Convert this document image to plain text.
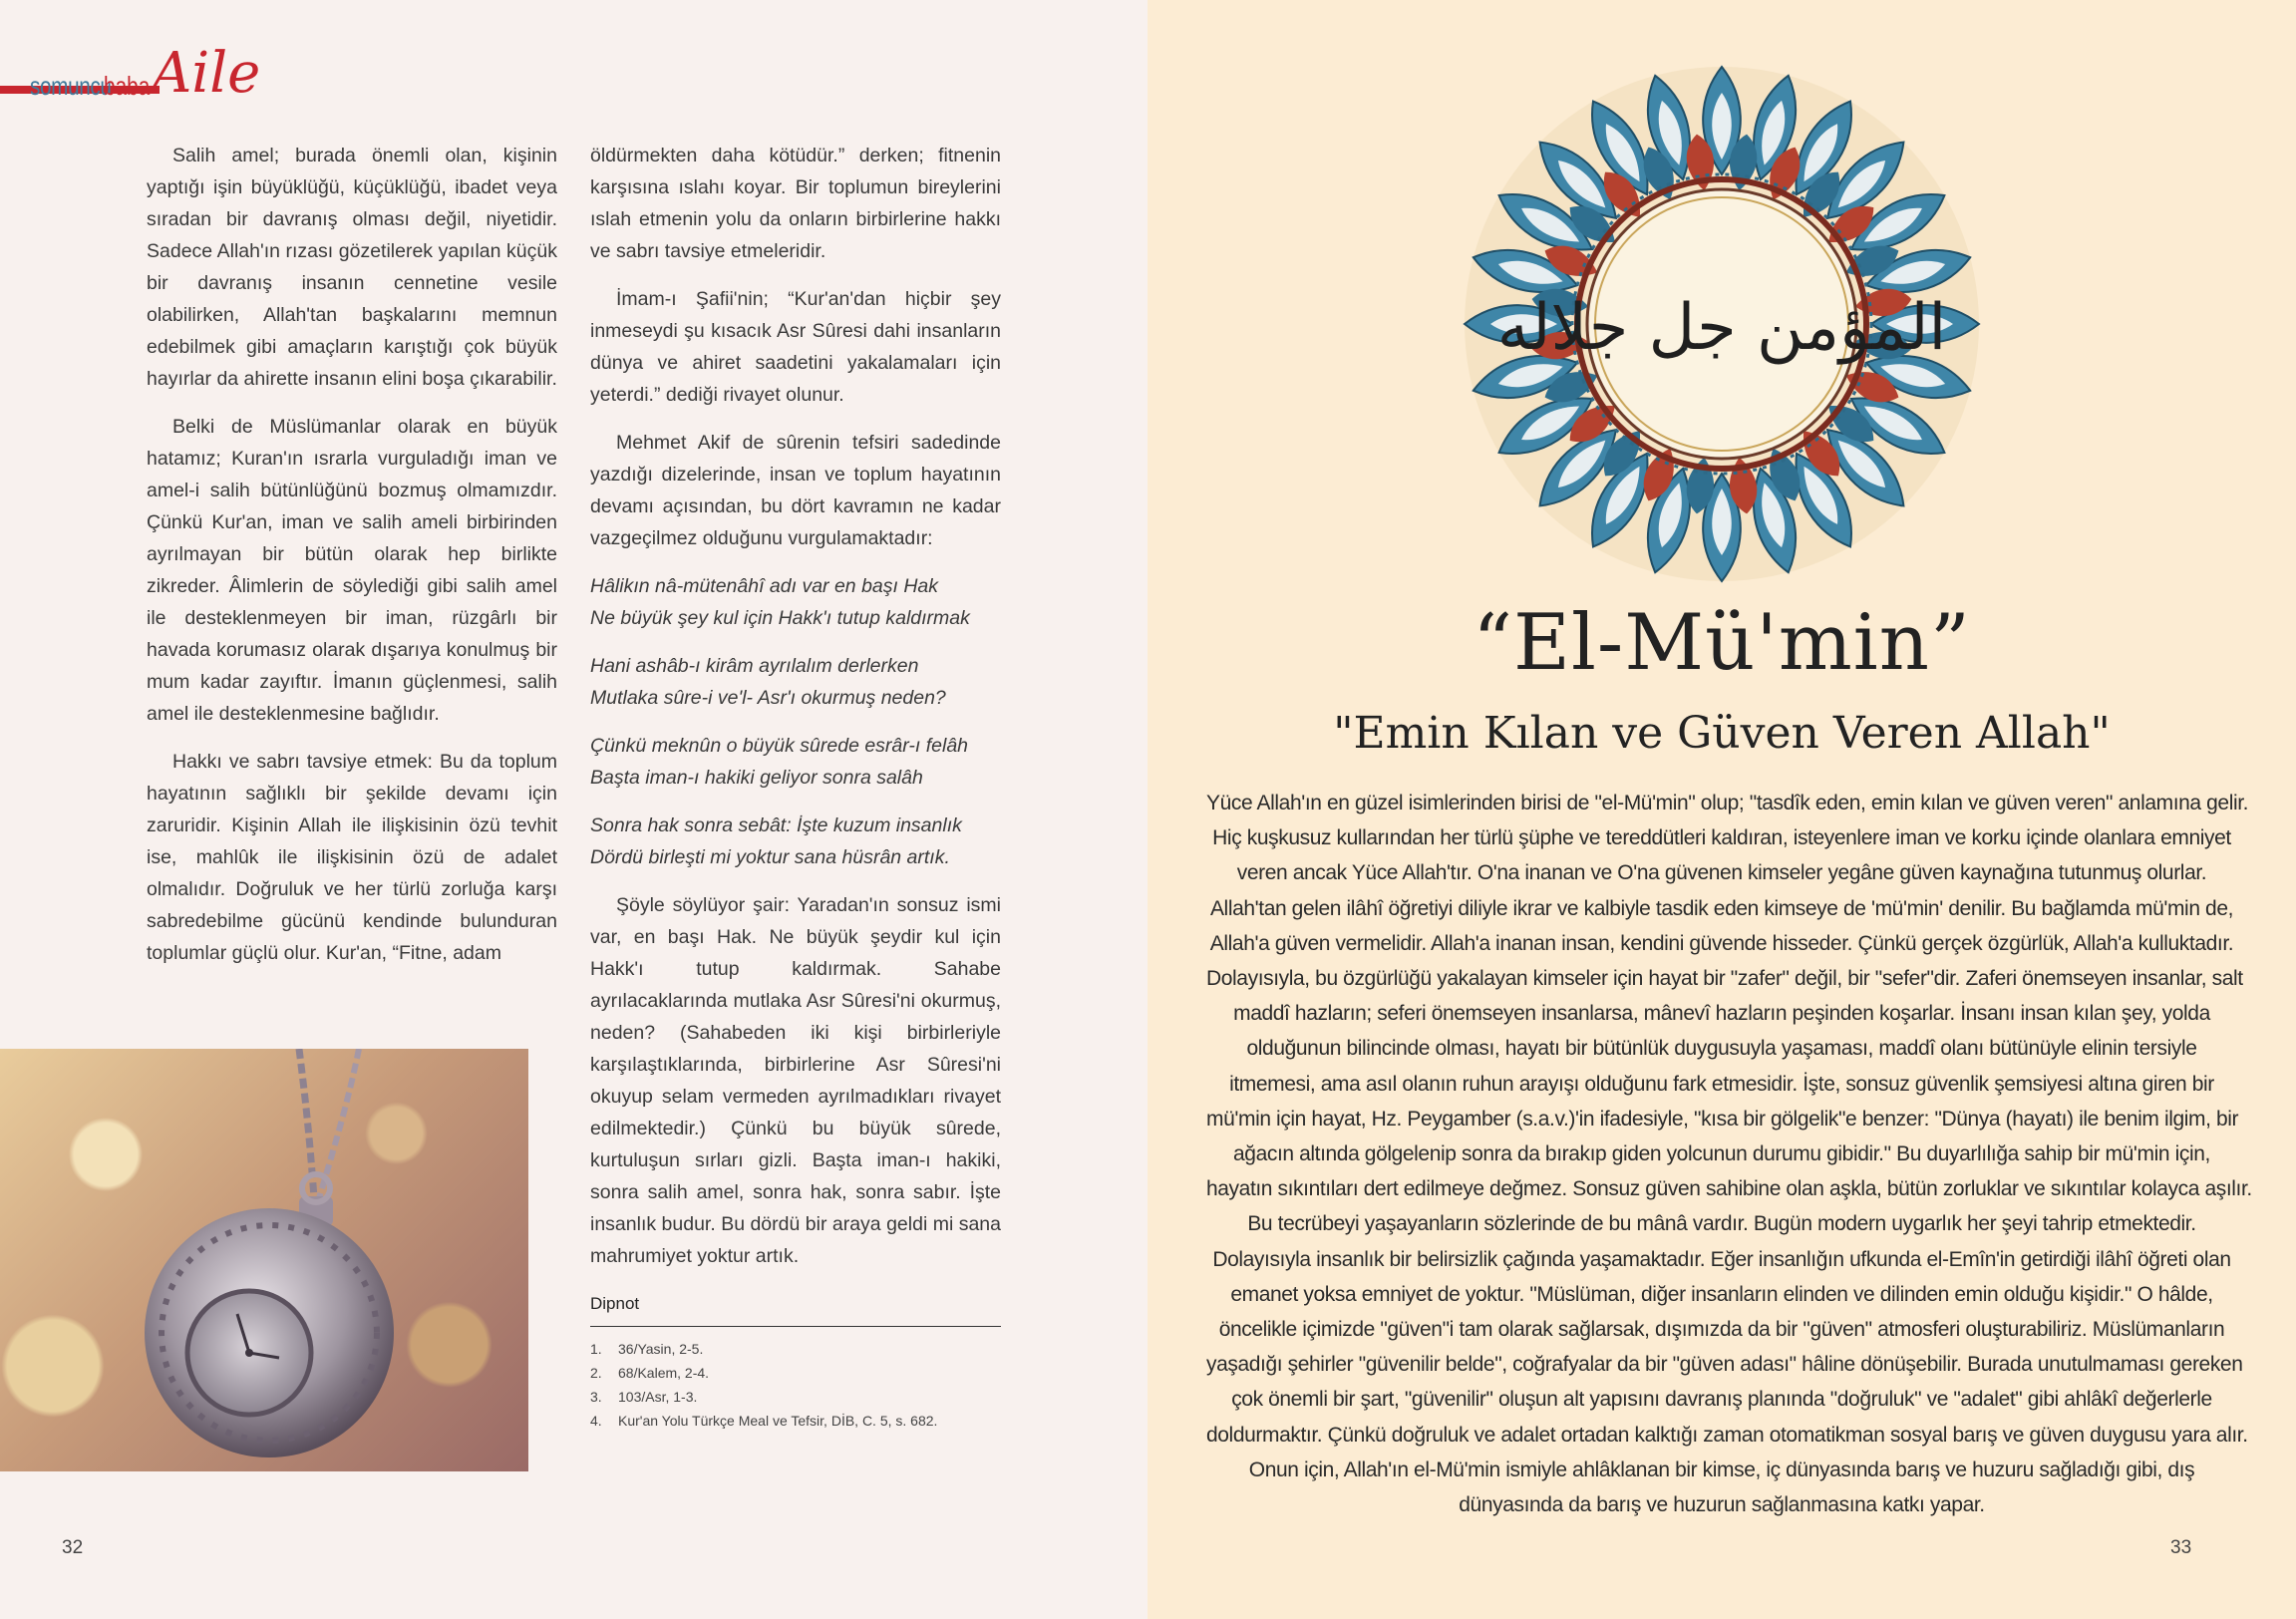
somuncu
baba Aile

Salih amel; burada önemli olan, kişinin yaptığı işin büyüklüğü, küçüklüğü, ibadet veya sıradan bir davranış olması değil, niyetidir. Sadece Allah'ın rızası gözetilerek yapılan küçük bir davranış insanın cennetine vesile olabilirken, Allah'tan başkalarını memnun edebilmek gibi amaçların karıştığı çok büyük hayırlar da ahirette insanın elini boşa çıkarabilir.

Belki de Müslümanlar olarak en büyük hatamız; Kuran'ın ısrarla vurguladığı iman ve amel-i salih bütünlüğünü bozmuş olmamızdır. Çünkü Kur'an, iman ve salih ameli birbirinden ayrılmayan bir bütün olarak hep birlikte zikreder. Âlimlerin de söylediği gibi salih amel ile desteklenmeyen bir iman, rüzgârlı bir havada korumasız olarak dışarıya konulmuş bir mum kadar zayıftır. İmanın güçlenmesi, salih amel ile desteklenmesine bağlıdır.

Hakkı ve sabrı tavsiye etmek: Bu da toplum hayatının sağlıklı bir şekilde devamı için zaruridir. Kişinin Allah ile ilişkisinin özü tevhit ise, mahlûk ile ilişkisinin özü de adalet olmalıdır. Doğruluk ve her türlü zorluğa karşı sabredebilme gücünü kendinde bulunduran toplumlar güçlü olur. Kur'an, “Fitne, adam

öldürmekten daha kötüdür.” derken; fitnenin karşısına ıslahı koyar. Bir toplumun bireylerini ıslah etmenin yolu da onların birbirlerine hakkı ve sabrı tavsiye etmeleridir.

İmam-ı Şafii'nin; “Kur'an'dan hiçbir şey inmeseydi şu kısacık Asr Sûresi dahi insanların dünya ve ahiret saadetini yakalamaları için yeterdi.” dediği rivayet olunur.

Mehmet Akif de sûrenin tefsiri sadedinde yazdığı dizelerinde, insan ve toplum hayatının devamı açısından, bu dört kavramın ne kadar vazgeçilmez olduğunu vurgulamaktadır:

Hâlikın nâ-mütenâhî adı var en başı Hak
Ne büyük şey kul için Hakk'ı tutup kaldırmak
Hani ashâb-ı kirâm ayrılalım derlerken
Mutlaka sûre-i ve'l- Asr'ı okurmuş neden?
Çünkü meknûn o büyük sûrede esrâr-ı felâh
Başta iman-ı hakiki geliyor sonra salâh
Sonra hak sonra sebât: İşte kuzum insanlık
Dördü birleşti mi yoktur sana hüsrân artık.

Şöyle söylüyor şair: Yaradan'ın sonsuz ismi var, en başı Hak. Ne büyük şeydir kul için Hakk'ı tutup kaldırmak. Sahabe ayrılacaklarında mutlaka Asr Sûresi'ni okurmuş, neden? (Sahabeden iki kişi birbirleriyle karşılaştıklarında, birbirlerine Asr Sûresi'ni okuyup selam vermeden ayrılmadıkları rivayet edilmektedir.) Çünkü bu büyük sûrede, kurtuluşun sırları gizli. Başta iman-ı hakiki, sonra salih amel, sonra hak, sonra sabır. İşte insanlık budur. Bu dördü bir araya geldi mi sana mahrumiyet yoktur artık.

Dipnot
1.	36/Yasin, 2-5.
2.	68/Kalem, 2-4.
3.	103/Asr, 1-3.
4.	Kur'an Yolu Türkçe Meal ve Tefsir, DİB, C. 5, s. 682.
32
المؤمن جل جلاله
“El-Mü'min”
"Emin Kılan ve Güven Veren Allah"
Yüce Allah'ın en güzel isimlerinden birisi de "el-Mü'min" olup; "tasdîk eden, emin kılan ve güven veren" anlamına gelir.
Hiç kuşkusuz kullarından her türlü şüphe ve tereddütleri kaldıran, isteyenlere iman ve korku içinde olanlara emniyet
veren ancak Yüce Allah'tır. O'na inanan ve O'na güvenen kimseler yegâne güven kaynağına tutunmuş olurlar.
Allah'tan gelen ilâhî öğretiyi diliyle ikrar ve kalbiyle tasdik eden kimseye de 'mü'min' denilir. Bu bağlamda mü'min de,
Allah'a güven vermelidir. Allah'a inanan insan, kendini güvende hisseder. Çünkü gerçek özgürlük, Allah'a kulluktadır.
Dolayısıyla, bu özgürlüğü yakalayan kimseler için hayat bir "zafer" değil, bir "sefer"dir. Zaferi önemseyen insanlar, salt
maddî hazların; seferi önemseyen insanlarsa, mânevî hazların peşinden koşarlar. İnsanı insan kılan şey, yolda
olduğunun bilincinde olması, hayatı bir bütünlük duygusuyla yaşaması, maddî olanı bütünüyle elinin tersiyle
itmemesi, ama asıl olanın ruhun arayışı olduğunu fark etmesidir. İşte, sonsuz güvenlik şemsiyesi altına giren bir
mü'min için hayat, Hz. Peygamber (s.a.v.)'in ifadesiyle, "kısa bir gölgelik"e benzer: "Dünya (hayatı) ile benim ilgim, bir
ağacın altında gölgelenip sonra da bırakıp giden yolcunun durumu gibidir." Bu duyarlılığa sahip bir mü'min için,
hayatın sıkıntıları dert edilmeye değmez. Sonsuz güven sahibine olan aşkla, bütün zorluklar ve sıkıntılar kolayca aşılır.
Bu tecrübeyi yaşayanların sözlerinde de bu mânâ vardır. Bugün modern uygarlık her şeyi tahrip etmektedir.
Dolayısıyla insanlık bir belirsizlik çağında yaşamaktadır. Eğer insanlığın ufkunda el-Emîn'in getirdiği ilâhî öğreti olan
emanet yoksa emniyet de yoktur. "Müslüman, diğer insanların elinden ve dilinden emin olduğu kişidir." O hâlde,
öncelikle içimizde "güven"i tam olarak sağlarsak, dışımızda da bir "güven" atmosferi oluşturabiliriz. Müslümanların
yaşadığı şehirler "güvenilir belde", coğrafyalar da bir "güven adası" hâline dönüşebilir. Burada unutulmaması gereken
çok önemli bir şart, "güvenilir" oluşun alt yapısını davranış planında "doğruluk" ve "adalet" gibi ahlâkî değerlerle
doldurmaktır. Çünkü doğruluk ve adalet ortadan kalktığı zaman otomatikman sosyal barış ve güven duygusu yara alır.
Onun için, Allah'ın el-Mü'min ismiyle ahlâklanan bir kimse, iç dünyasında barış ve huzuru sağladığı gibi, dış
dünyasında da barış ve huzurun sağlanmasına katkı yapar.
33
